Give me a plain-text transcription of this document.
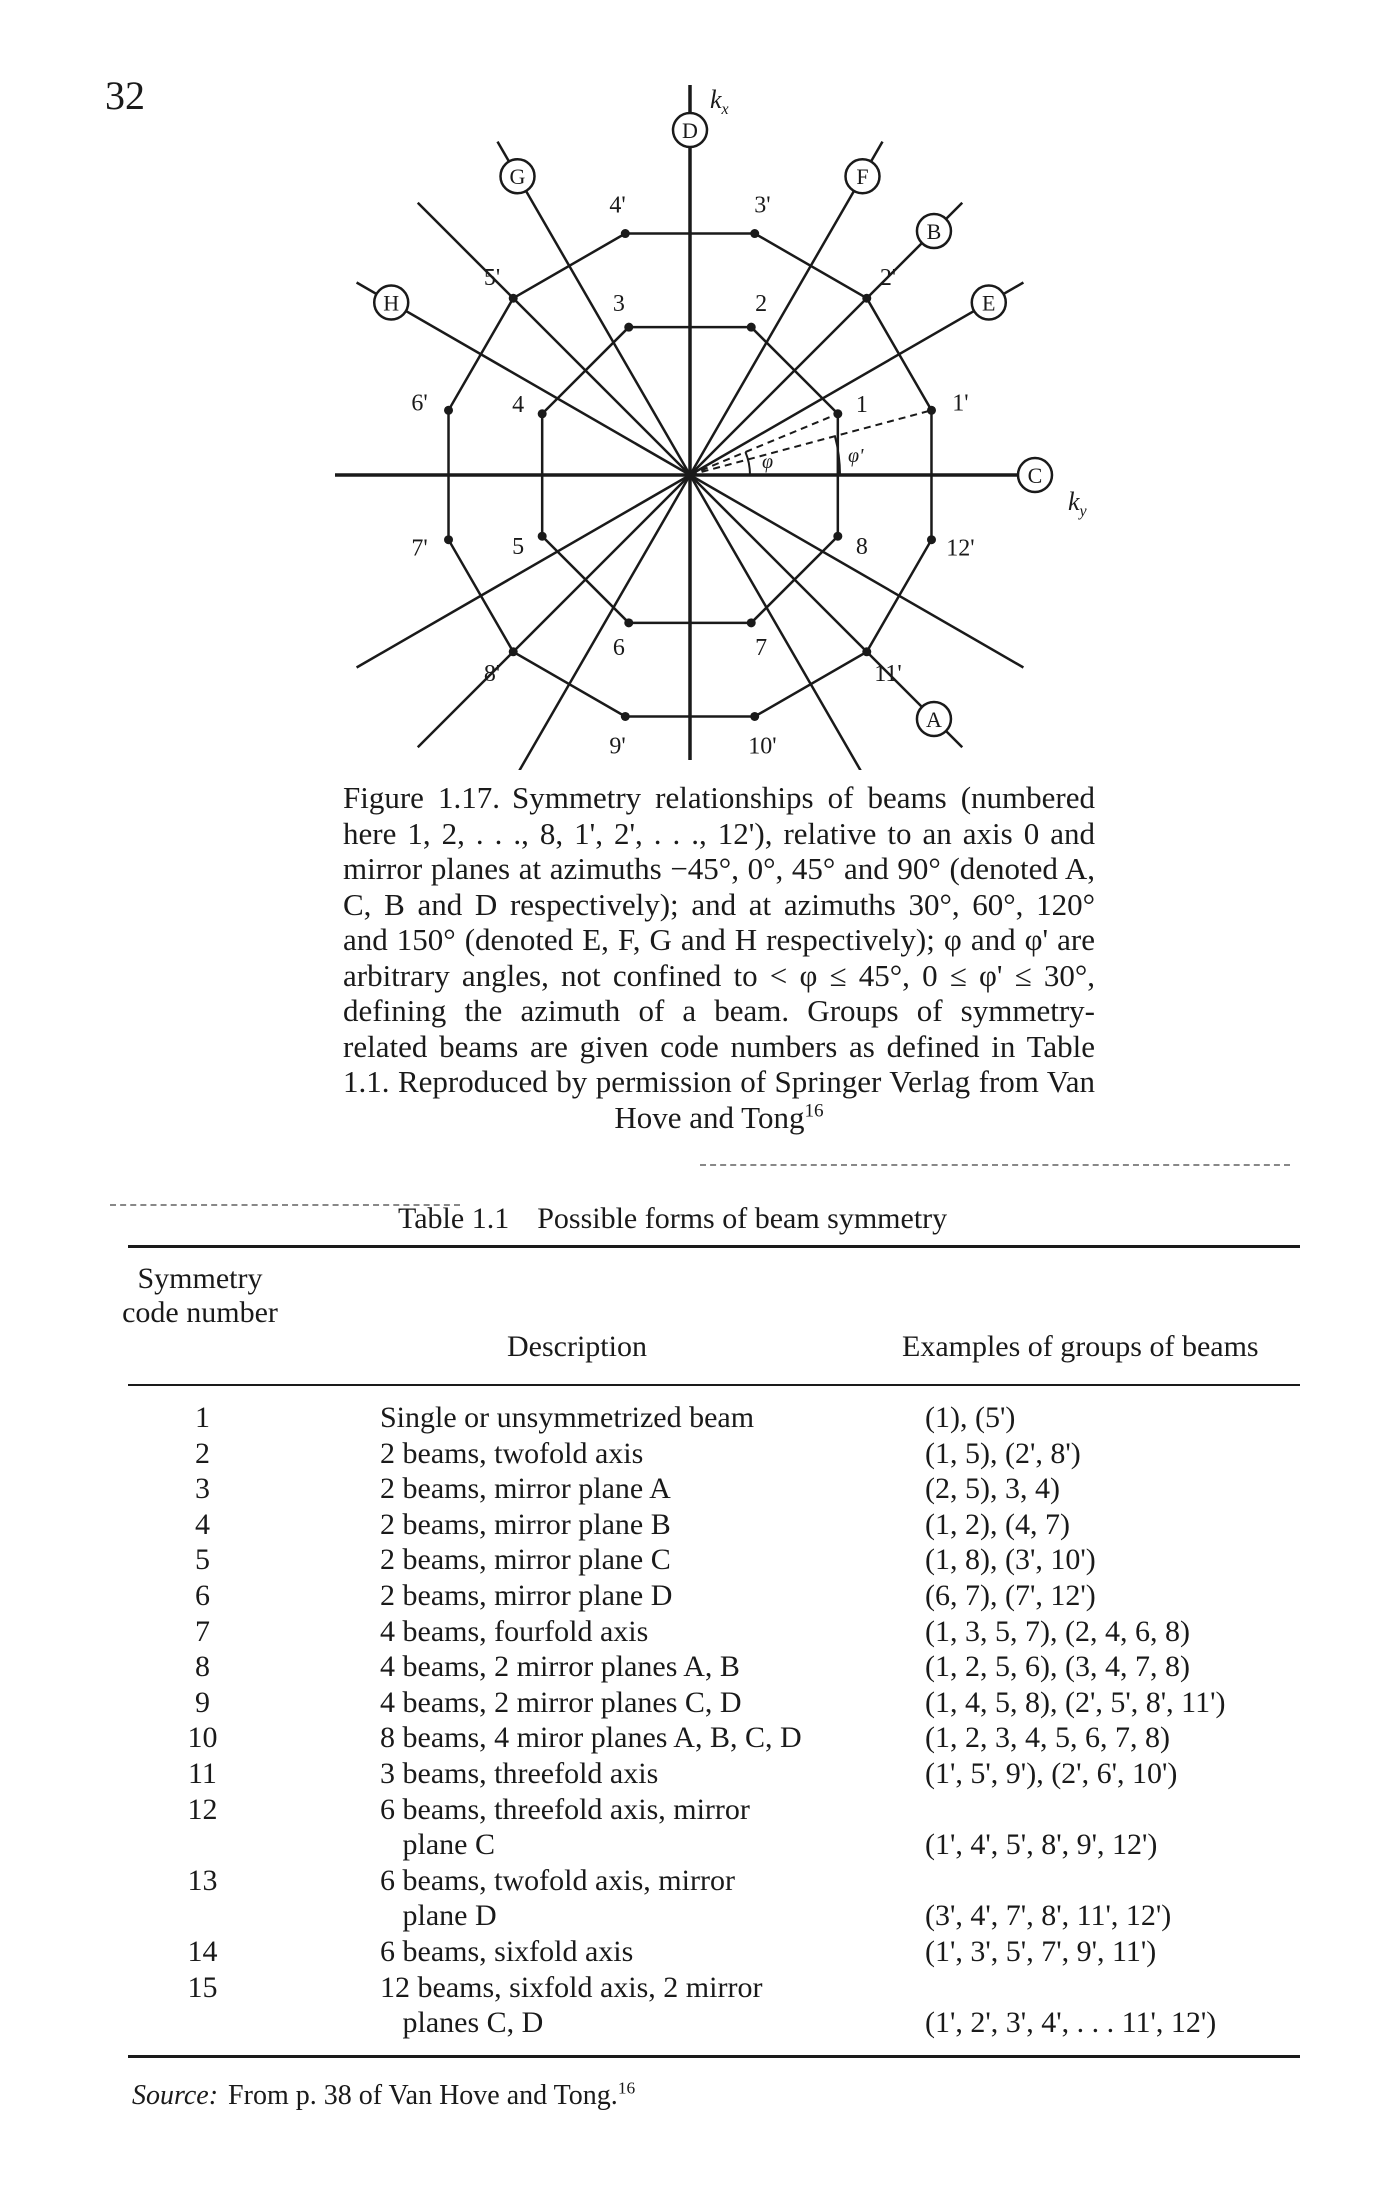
32
φ	φ'
1
2
3
4
5
6	7
8
1'
2'
3'
4'
5'
6'
7'
8'
9'	10'
11'
12'
A
B
C
D
E
F
G
H
$k_x$
$k_y$
Figure 1.17. Symmetry relationships of beams (numbered here 1, 2, . . ., 8, 1', 2', . . ., 12'), relative to an axis 0 and mirror planes at azimuths −45°, 0°, 45° and 90° (denoted A, C, B and D respectively); and at azimuths 30°, 60°, 120° and 150° (denoted E, F, G and H respectively); φ and φ' are arbitrary angles, not confined to < φ ≤ 45°, 0 ≤ φ' ≤ 30°, defining the azimuth of a beam. Groups of symmetry-related beams are given code numbers as defined in Table 1.1. Reproduced by permission of Springer Verlag from Van Hove and Tong$^{16}$
Table 1.1 Possible forms of beam symmetry
Symmetry code number
Description	Examples of groups of beams
1	Single or unsymmetrized beam	(1), (5')
2	2 beams, twofold axis	(1, 5), (2', 8')
3	2 beams, mirror plane A	(2, 5), 3, 4)
4	2 beams, mirror plane B	(1, 2), (4, 7)
5	2 beams, mirror plane C	(1, 8), (3', 10')
6	2 beams, mirror plane D	(6, 7), (7', 12')
7	4 beams, fourfold axis	(1, 3, 5, 7), (2, 4, 6, 8)
8	4 beams, 2 mirror planes A, B	(1, 2, 5, 6), (3, 4, 7, 8)
9	4 beams, 2 mirror planes C, D	(1, 4, 5, 8), (2', 5', 8', 11')
10	8 beams, 4 miror planes A, B, C, D	(1, 2, 3, 4, 5, 6, 7, 8)
11	3 beams, threefold axis	(1', 5', 9'), (2', 6', 10')
12	6 beams, threefold axis, mirror
plane C	(1', 4', 5', 8', 9', 12')
13	6 beams, twofold axis, mirror
plane D	(3', 4', 7', 8', 11', 12')
14	6 beams, sixfold axis	(1', 3', 5', 7', 9', 11')
15	12 beams, sixfold axis, 2 mirror
planes C, D	(1', 2', 3', 4', . . . 11', 12')
Source: From p. 38 of Van Hove and Tong.$^{16}$
